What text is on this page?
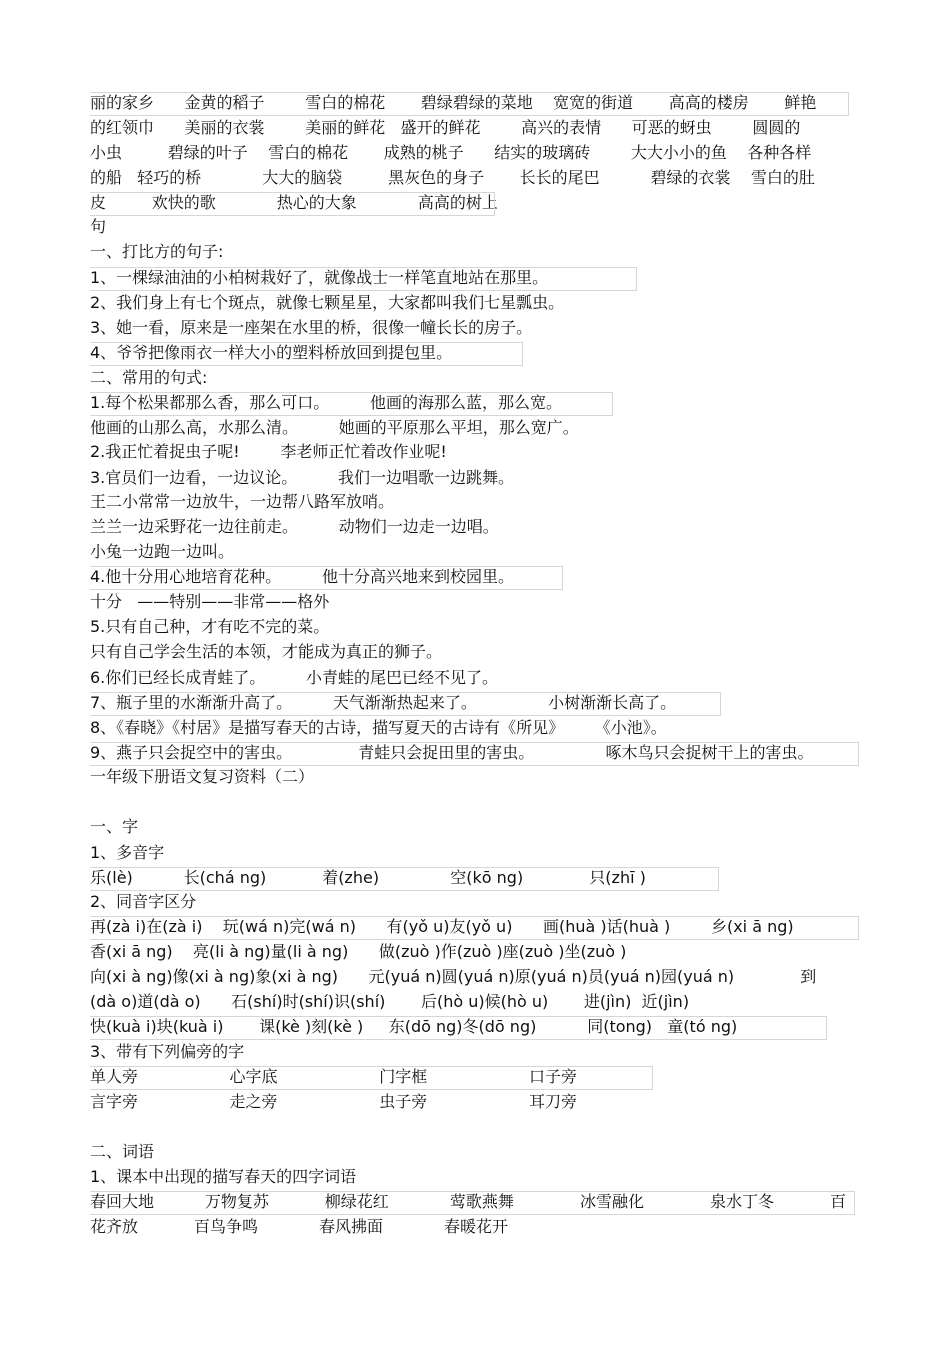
丽的家乡      金黄的稻子        雪白的棉花       碧绿碧绿的菜地    宽宽的街道       高高的楼房       鲜艳
的红领巾      美丽的衣裳        美丽的鲜花   盛开的鲜花        高兴的表情      可恶的蚜虫        圆圆的
小虫         碧绿的叶子    雪白的棉花       成熟的桃子      结实的玻璃砖        大大小小的鱼    各种各样
的船   轻巧的桥            大大的脑袋         黑灰色的身子       长长的尾巴          碧绿的衣裳    雪白的肚
皮         欢快的歌            热心的大象            高高的树上
句
一、打比方的句子:
1、一棵绿油油的小柏树栽好了，就像战士一样笔直地站在那里。
2、我们身上有七个斑点，就像七颗星星，大家都叫我们七星瓢虫。
3、她一看，原来是一座架在水里的桥，很像一幢长长的房子。
4、爷爷把像雨衣一样大小的塑料桥放回到提包里。
二、常用的句式:
1.每个松果都那么香，那么可口。        他画的海那么蓝，那么宽。
他画的山那么高，水那么清。        她画的平原那么平坦，那么宽广。
2.我正忙着捉虫子呢!        李老师正忙着改作业呢!
3.官员们一边看，一边议论。        我们一边唱歌一边跳舞。
王二小常常一边放牛，一边帮八路军放哨。
兰兰一边采野花一边往前走。        动物们一边走一边唱。
小兔一边跑一边叫。
4.他十分用心地培育花种。        他十分高兴地来到校园里。
十分   ——特别——非常——格外
5.只有自己种，才有吃不完的菜。
只有自己学会生活的本领，才能成为真正的狮子。
6.你们已经长成青蛙了。        小青蛙的尾巴已经不见了。
7、瓶子里的水渐渐升高了。        天气渐渐热起来了。              小树渐渐长高了。
8、《春晓》《村居》是描写春天的古诗，描写夏天的古诗有《所见》      《小池》。
9、燕子只会捉空中的害虫。             青蛙只会捉田里的害虫。              啄木鸟只会捉树干上的害虫。
一年级下册语文复习资料（二）
一、字
1、多音字
乐(lè)          长(chá ng)           着(zhe)              空(kō ng)             只(zhī )
2、同音字区分
再(zà i)在(zà i)    玩(wá n)完(wá n)      有(yǒ u)友(yǒ u)      画(huà )话(huà )        乡(xi ā ng)
香(xi ā ng)    亮(li à ng)量(li à ng)      做(zuò )作(zuò )座(zuò )坐(zuò )
向(xi à ng)像(xi à ng)象(xi à ng)      元(yuá n)圆(yuá n)原(yuá n)员(yuá n)园(yuá n)             到
(dà o)道(dà o)      石(shí)时(shí)识(shí)       后(hò u)候(hò u)       进(jìn)  近(jìn)
快(kuà i)块(kuà i)       课(kè )刻(kè )     东(dō ng)冬(dō ng)          同(tong)   童(tó ng)
3、带有下列偏旁的字
单人旁                  心字底                    门字框                    口子旁
言字旁                  走之旁                    虫子旁                    耳刀旁
二、词语
1、课本中出现的描写春天的四字词语
春回大地          万物复苏           柳绿花红            莺歌燕舞             冰雪融化             泉水丁冬           百
花齐放           百鸟争鸣            春风拂面            春暖花开
